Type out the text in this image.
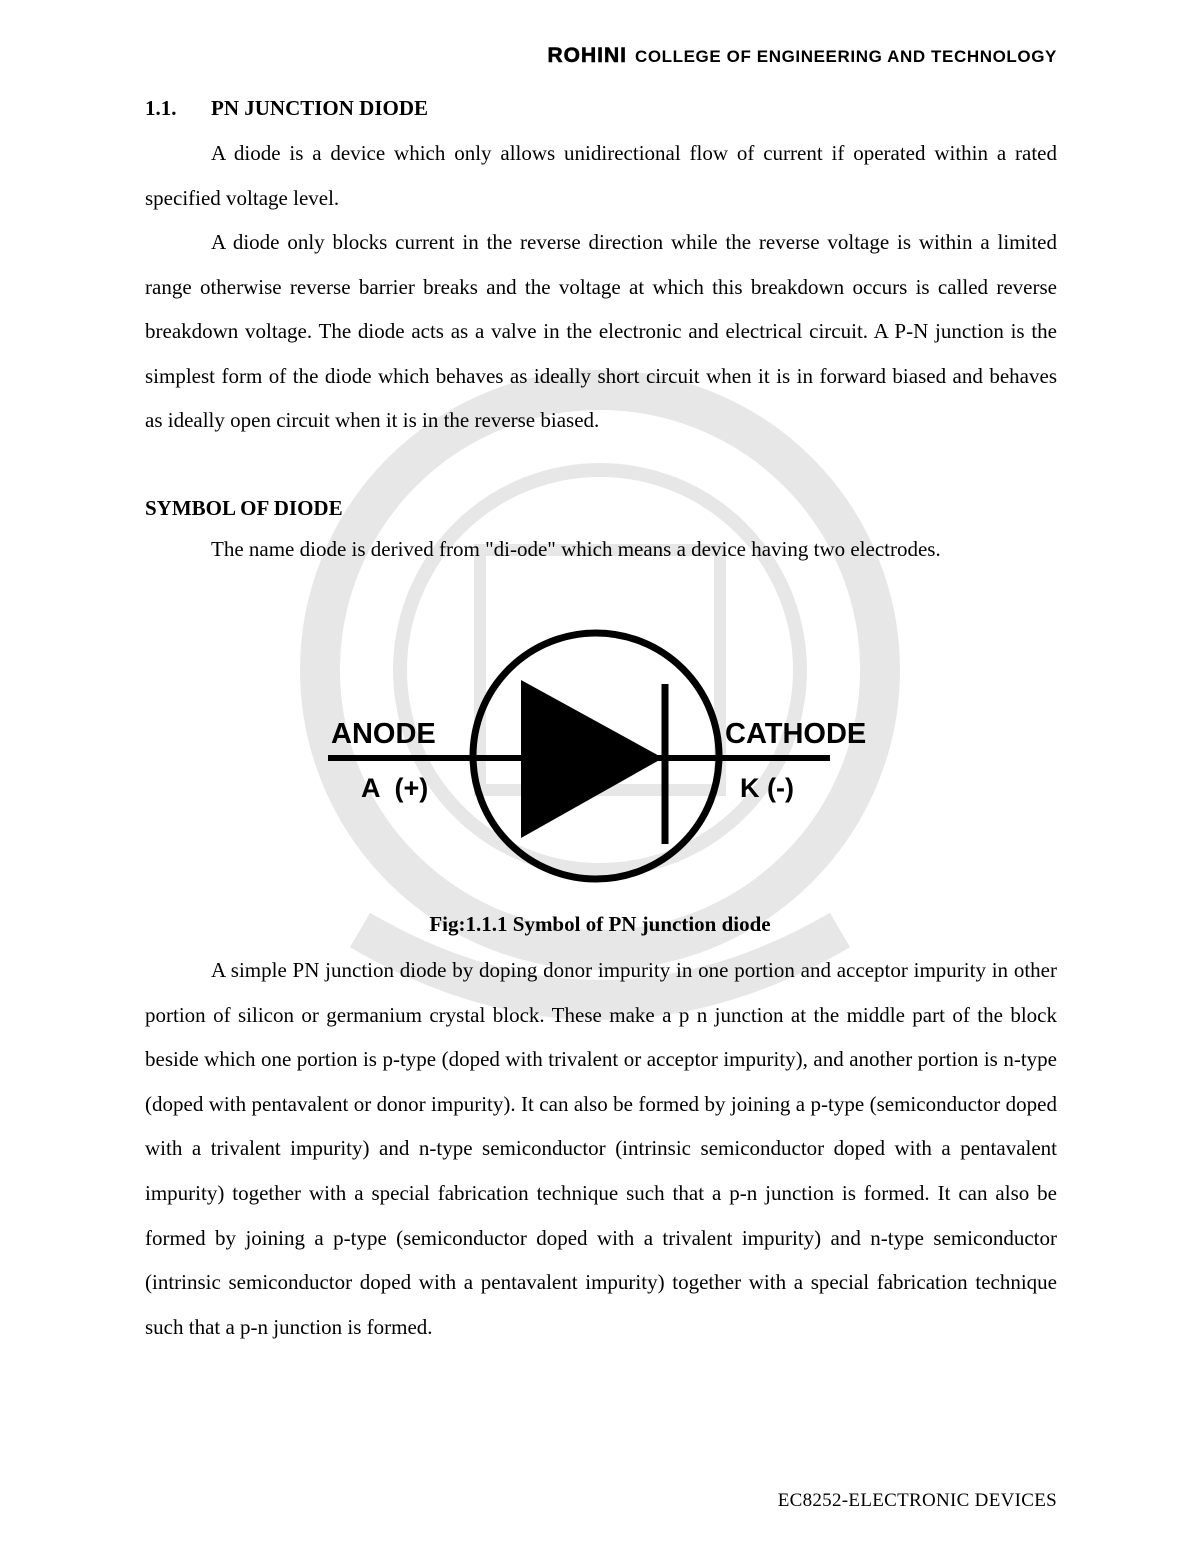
ROHINI COLLEGE OF ENGINEERING AND TECHNOLOGY
1.1.	PN JUNCTION DIODE

A diode is a device which only allows unidirectional flow of current if operated within a rated specified voltage level.

A diode only blocks current in the reverse direction while the reverse voltage is within a limited range otherwise reverse barrier breaks and the voltage at which this breakdown occurs is called reverse breakdown voltage. The diode acts as a valve in the electronic and electrical circuit. A P-N junction is the simplest form of the diode which behaves as ideally short circuit when it is in forward biased and behaves as ideally open circuit when it is in the reverse biased.

SYMBOL OF DIODE

The name diode is derived from "di-ode" which means a device having two electrodes.

ANODE
A  (+)
CATHODE
K (-)
Fig:1.1.1 Symbol of PN junction diode

A simple PN junction diode by doping donor impurity in one portion and acceptor impurity in other portion of silicon or germanium crystal block. These make a p n junction at the middle part of the block beside which one portion is p-type (doped with trivalent or acceptor impurity), and another portion is n-type (doped with pentavalent or donor impurity). It can also be formed by joining a p-type (semiconductor doped with a trivalent impurity) and n-type semiconductor (intrinsic semiconductor doped with a pentavalent impurity) together with a special fabrication technique such that a p-n junction is formed. It can also be formed by joining a p-type (semiconductor doped with a trivalent impurity) and n-type semiconductor (intrinsic semiconductor doped with a pentavalent impurity) together with a special fabrication technique such that a p-n junction is formed.

EC8252-ELECTRONIC DEVICES
